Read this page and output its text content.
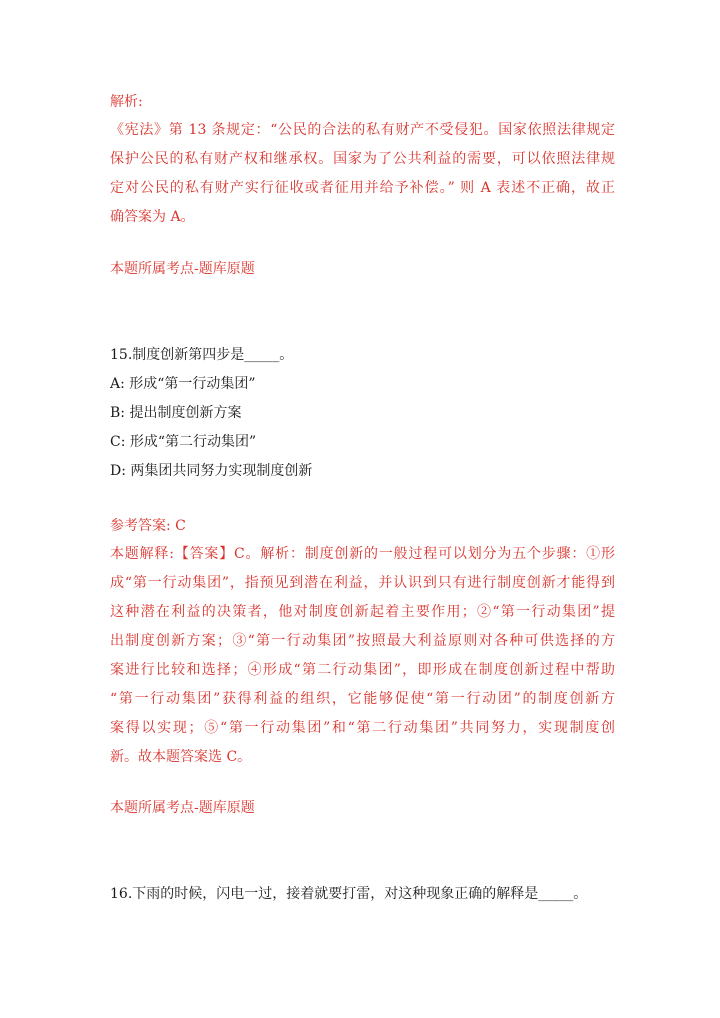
解析:
《宪法》第 13 条规定：“公民的合法的私有财产不受侵犯。国家依照法律规定
保护公民的私有财产权和继承权。国家为了公共利益的需要，可以依照法律规
定对公民的私有财产实行征收或者征用并给予补偿。” 则 A 表述不正确，故正
确答案为 A。
本题所属考点-题库原题
15.制度创新第四步是_____。
A: 形成“第一行动集团”
B: 提出制度创新方案
C: 形成“第二行动集团”
D: 两集团共同努力实现制度创新
参考答案: C
本题解释:【答案】C。解析：制度创新的一般过程可以划分为五个步骤：①形
成“第一行动集团”，指预见到潜在利益，并认识到只有进行制度创新才能得到
这种潜在利益的决策者，他对制度创新起着主要作用；②“第一行动集团”提
出制度创新方案；③“第一行动集团”按照最大利益原则对各种可供选择的方
案进行比较和选择；④形成“第二行动集团”，即形成在制度创新过程中帮助
“第一行动集团”获得利益的组织，它能够促使“第一行动团”的制度创新方
案得以实现；⑤“第一行动集团”和“第二行动集团”共同努力，实现制度创
新。故本题答案选 C。
本题所属考点-题库原题
16.下雨的时候，闪电一过，接着就要打雷，对这种现象正确的解释是_____。
